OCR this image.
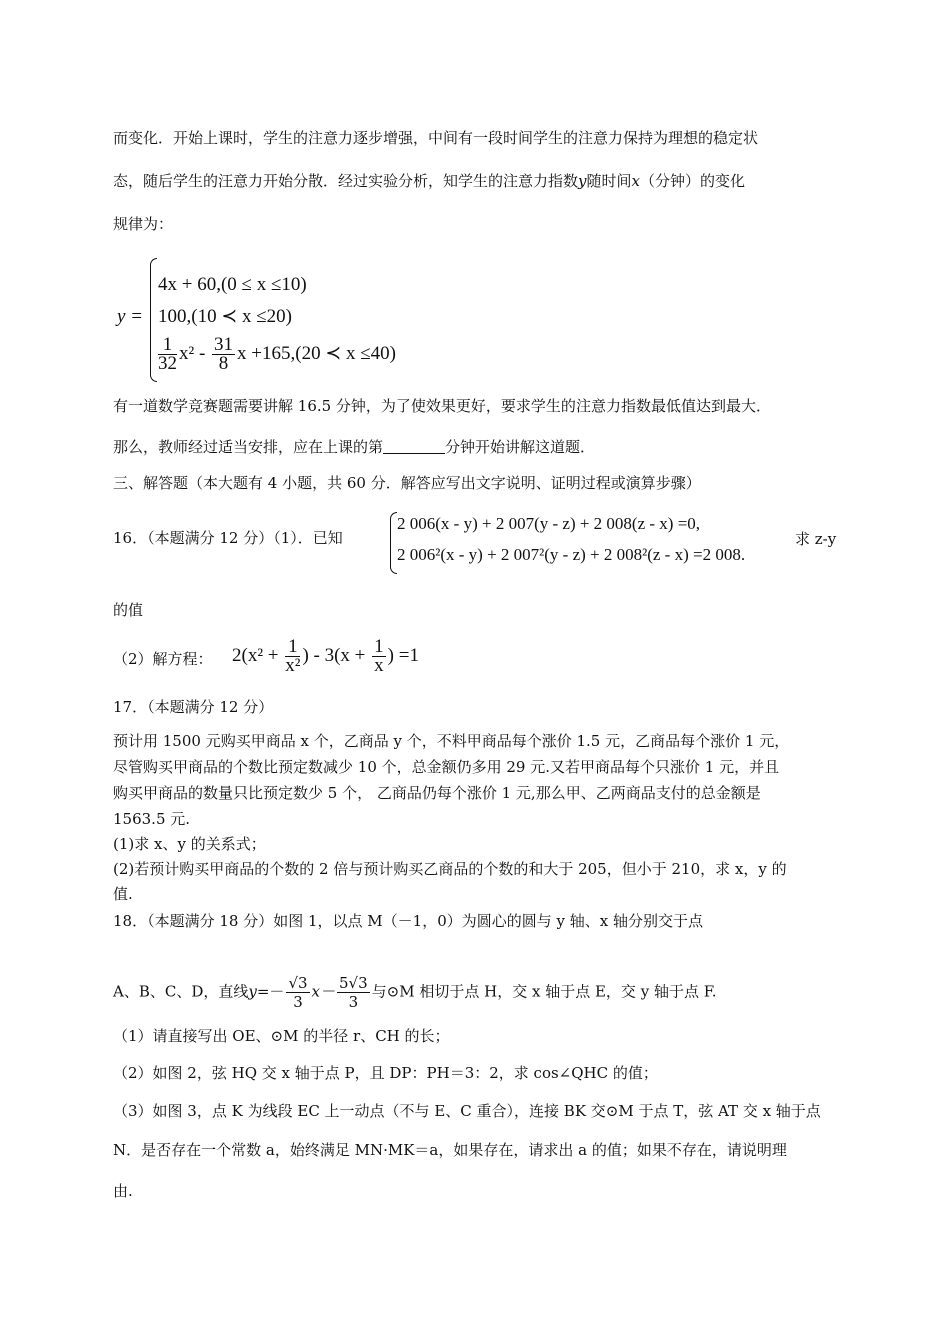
而变化．开始上课时，学生的注意力逐步增强，中间有一段时间学生的注意力保持为理想的稳定状
态，随后学生的汪意力开始分散．经过实验分析，知学生的注意力指数y随时间x（分钟）的变化
规律为：
y =
4x + 60,(0 ≤ x ≤10)
100,(10 ≺ x ≤20)
$\frac{1}{32} x^2 - \frac{31}{8}$ x +165,(20 ≺ x ≤40)
有一道数学竞赛题需要讲解 16.5 分钟，为了使效果更好，要求学生的注意力指数最低值达到最大．
那么，教师经过适当安排，应在上课的第	分钟开始讲解这道题．
三、解答题（本大题有 4 小题，共 60 分．解答应写出文字说明、证明过程或演算步骤）
16．（本题满分 12 分）（1）．已知
2 006(x - y) + 2 007(y - z) + 2 008(z - x) =0,
2 006²(x - y) + 2 007²(y - z) + 2 008²(z - x) =2 008.
求 z-y
的值
（2）解方程： $2(x^2 + \frac{1}{\text{x²}}$ ) - $3(x + \frac{1}{x}$ ) =1
17．（本题满分 12 分）
预计用 1500 元购买甲商品 x 个，乙商品 y 个，不料甲商品每个涨价 1.5 元，乙商品每个涨价 1 元，
尽管购买甲商品的个数比预定数减少 10 个，总金额仍多用 29 元.又若甲商品每个只涨价 1 元，并且
购买甲商品的数量只比预定数少 5 个， 乙商品仍每个涨价 1 元,那么甲、乙两商品支付的总金额是
1563.5 元.
(1)求 x、y 的关系式；
(2)若预计购买甲商品的个数的 2 倍与预计购买乙商品的个数的和大于 205，但小于 210，求 x，y 的
值.
18．（本题满分 18 分）如图 1，以点 M（－1，0）为圆心的圆与 y 轴、x 轴分别交于点
A、B、C、D，直线$y=- \frac{√3}{3} x- \frac{5√3}{3}$ 与⊙M 相切于点 H，交 x 轴于点 E，交 y 轴于点 F.
（1）请直接写出 OE、⊙M 的半径 r、CH 的长；
（2）如图 2，弦 HQ 交 x 轴于点 P，且 DP：PH＝3：2，求 cos∠QHC 的值；
（3）如图 3，点 K 为线段 EC 上一动点（不与 E、C 重合），连接 BK 交⊙M 于点 T，弦 AT 交 x 轴于点
N．是否存在一个常数 a，始终满足 MN·MK＝a，如果存在，请求出 a 的值；如果不存在，请说明理
由.
